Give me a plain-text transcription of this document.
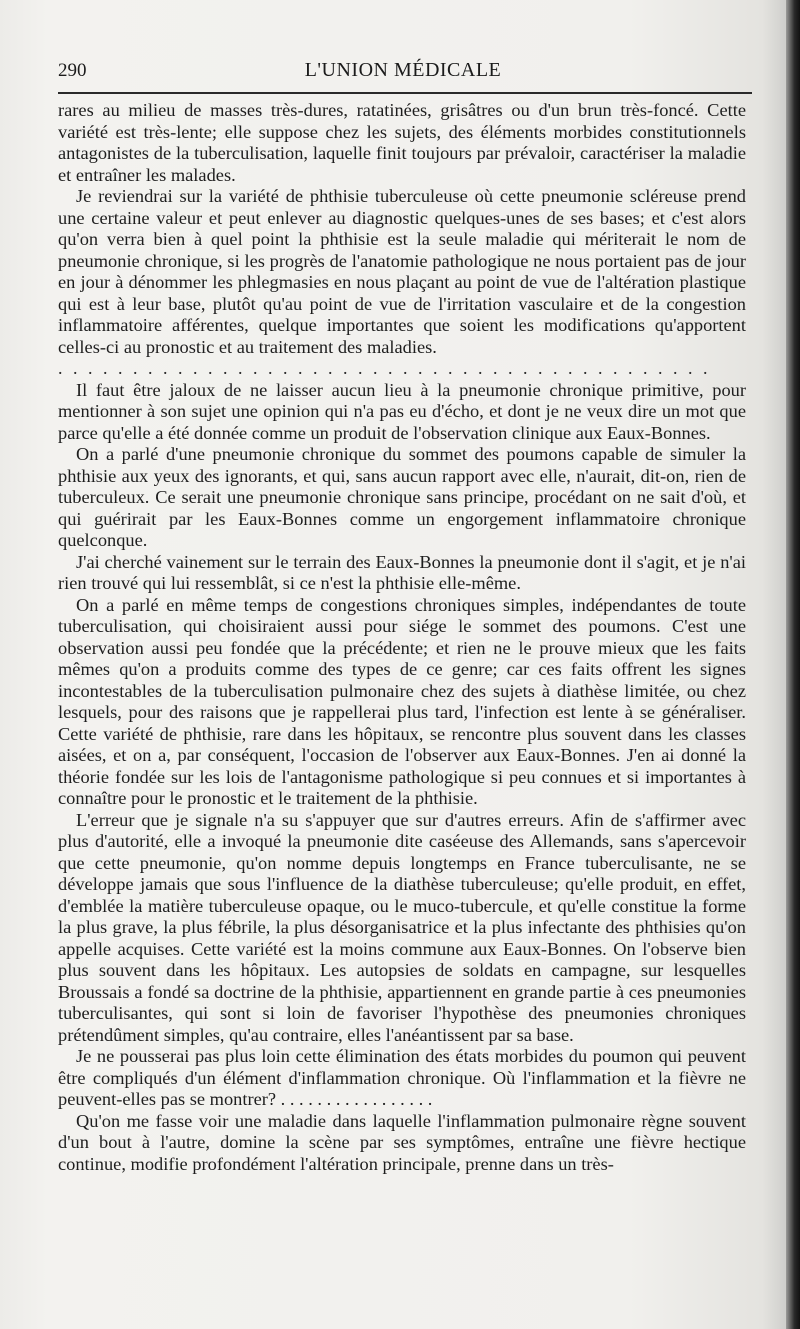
290	L'UNION MÉDICALE

rares au milieu de masses très-dures, ratatinées, grisâtres ou d'un brun très-foncé. Cette variété est très-lente; elle suppose chez les sujets, des éléments morbides constitutionnels antagonistes de la tuberculisation, laquelle finit toujours par prévaloir, caractériser la maladie et entraîner les malades.

Je reviendrai sur la variété de phthisie tuberculeuse où cette pneumonie scléreuse prend une certaine valeur et peut enlever au diagnostic quelques-unes de ses bases; et c'est alors qu'on verra bien à quel point la phthisie est la seule maladie qui mériterait le nom de pneumonie chronique, si les progrès de l'anatomie pathologique ne nous portaient pas de jour en jour à dénommer les phlegmasies en nous plaçant au point de vue de l'altération plastique qui est à leur base, plutôt qu'au point de vue de l'irritation vasculaire et de la congestion inflammatoire afférentes, quelque importantes que soient les modifications qu'apportent celles-ci au pronostic et au traitement des maladies.

. . . . . . . . . . . . . . . . . . . . . . . . . . . . . . . . . . . . . . . . . . . .

Il faut être jaloux de ne laisser aucun lieu à la pneumonie chronique primitive, pour mentionner à son sujet une opinion qui n'a pas eu d'écho, et dont je ne veux dire un mot que parce qu'elle a été donnée comme un produit de l'observation clinique aux Eaux-Bonnes.

On a parlé d'une pneumonie chronique du sommet des poumons capable de simuler la phthisie aux yeux des ignorants, et qui, sans aucun rapport avec elle, n'aurait, dit-on, rien de tuberculeux. Ce serait une pneumonie chronique sans principe, procédant on ne sait d'où, et qui guérirait par les Eaux-Bonnes comme un engorgement inflammatoire chronique quelconque.

J'ai cherché vainement sur le terrain des Eaux-Bonnes la pneumonie dont il s'agit, et je n'ai rien trouvé qui lui ressemblât, si ce n'est la phthisie elle-même.

On a parlé en même temps de congestions chroniques simples, indépendantes de toute tuberculisation, qui choisiraient aussi pour siége le sommet des poumons. C'est une observation aussi peu fondée que la précédente; et rien ne le prouve mieux que les faits mêmes qu'on a produits comme des types de ce genre; car ces faits offrent les signes incontestables de la tuberculisation pulmonaire chez des sujets à diathèse limitée, ou chez lesquels, pour des raisons que je rappellerai plus tard, l'infection est lente à se généraliser. Cette variété de phthisie, rare dans les hôpitaux, se rencontre plus souvent dans les classes aisées, et on a, par conséquent, l'occasion de l'observer aux Eaux-Bonnes. J'en ai donné la théorie fondée sur les lois de l'antagonisme pathologique si peu connues et si importantes à connaître pour le pronostic et le traitement de la phthisie.

L'erreur que je signale n'a su s'appuyer que sur d'autres erreurs. Afin de s'affirmer avec plus d'autorité, elle a invoqué la pneumonie dite caséeuse des Allemands, sans s'apercevoir que cette pneumonie, qu'on nomme depuis longtemps en France tuberculisante, ne se développe jamais que sous l'influence de la diathèse tuberculeuse; qu'elle produit, en effet, d'emblée la matière tuberculeuse opaque, ou le muco-tubercule, et qu'elle constitue la forme la plus grave, la plus fébrile, la plus désorganisatrice et la plus infectante des phthisies qu'on appelle acquises. Cette variété est la moins commune aux Eaux-Bonnes. On l'observe bien plus souvent dans les hôpitaux. Les autopsies de soldats en campagne, sur lesquelles Broussais a fondé sa doctrine de la phthisie, appartiennent en grande partie à ces pneumonies tuberculisantes, qui sont si loin de favoriser l'hypothèse des pneumonies chroniques prétendûment simples, qu'au contraire, elles l'anéantissent par sa base.

Je ne pousserai pas plus loin cette élimination des états morbides du poumon qui peuvent être compliqués d'un élément d'inflammation chronique. Où l'inflammation et la fièvre ne peuvent-elles pas se montrer? . . . . . . . . . . . . . . . . .

Qu'on me fasse voir une maladie dans laquelle l'inflammation pulmonaire règne souvent d'un bout à l'autre, domine la scène par ses symptômes, entraîne une fièvre hectique continue, modifie profondément l'altération principale, prenne dans un très-
